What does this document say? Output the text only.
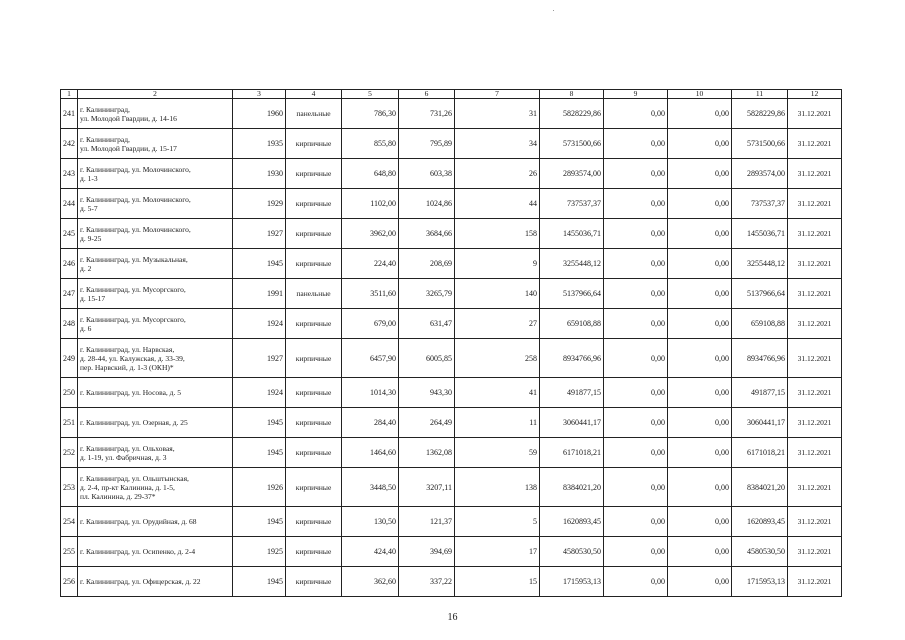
1	2	3	4	5	6	7	8	9	10	11	12
241	г. Калининград,
ул. Молодой Гвардии, д. 14-16	1960	панельные	786,30	731,26	31	5828229,86	0,00	0,00	5828229,86	31.12.2021
242	г. Калининград,
ул. Молодой Гвардии, д. 15-17	1935	кирпичные	855,80	795,89	34	5731500,66	0,00	0,00	5731500,66	31.12.2021
243	г. Калининград, ул. Молочинского,
д. 1-3	1930	кирпичные	648,80	603,38	26	2893574,00	0,00	0,00	2893574,00	31.12.2021
244	г. Калининград, ул. Молочинского,
д. 5-7	1929	кирпичные	1102,00	1024,86	44	737537,37	0,00	0,00	737537,37	31.12.2021
245	г. Калининград, ул. Молочинского,
д. 9-25	1927	кирпичные	3962,00	3684,66	158	1455036,71	0,00	0,00	1455036,71	31.12.2021
246	г. Калининград, ул. Музыкальная,
д. 2	1945	кирпичные	224,40	208,69	9	3255448,12	0,00	0,00	3255448,12	31.12.2021
247	г. Калининград, ул. Мусоргского,
д. 15-17	1991	панельные	3511,60	3265,79	140	5137966,64	0,00	0,00	5137966,64	31.12.2021
248	г. Калининград, ул. Мусоргского,
д. 6	1924	кирпичные	679,00	631,47	27	659108,88	0,00	0,00	659108,88	31.12.2021
249	г. Калининград, ул. Нарвская,
д. 28-44, ул. Калужская, д. 33-39,
пер. Нарвский, д. 1-3 (ОКН)*	1927	кирпичные	6457,90	6005,85	258	8934766,96	0,00	0,00	8934766,96	31.12.2021
250	г. Калининград, ул. Носова, д. 5	1924	кирпичные	1014,30	943,30	41	491877,15	0,00	0,00	491877,15	31.12.2021
251	г. Калининград, ул. Озерная, д. 25	1945	кирпичные	284,40	264,49	11	3060441,17	0,00	0,00	3060441,17	31.12.2021
252	г. Калининград, ул. Ольховая,
д. 1-19, ул. Фабричная, д. 3	1945	кирпичные	1464,60	1362,08	59	6171018,21	0,00	0,00	6171018,21	31.12.2021
253	г. Калининград, ул. Ольштынская,
д. 2-4, пр-кт Калинина, д. 1-5,
пл. Калинина, д. 29-37*	1926	кирпичные	3448,50	3207,11	138	8384021,20	0,00	0,00	8384021,20	31.12.2021
254	г. Калининград, ул. Орудийная, д. 68	1945	кирпичные	130,50	121,37	5	1620893,45	0,00	0,00	1620893,45	31.12.2021
255	г. Калининград, ул. Осипенко, д. 2-4	1925	кирпичные	424,40	394,69	17	4580530,50	0,00	0,00	4580530,50	31.12.2021
256	г. Калининград, ул. Офицерская, д. 22	1945	кирпичные	362,60	337,22	15	1715953,13	0,00	0,00	1715953,13	31.12.2021
16
